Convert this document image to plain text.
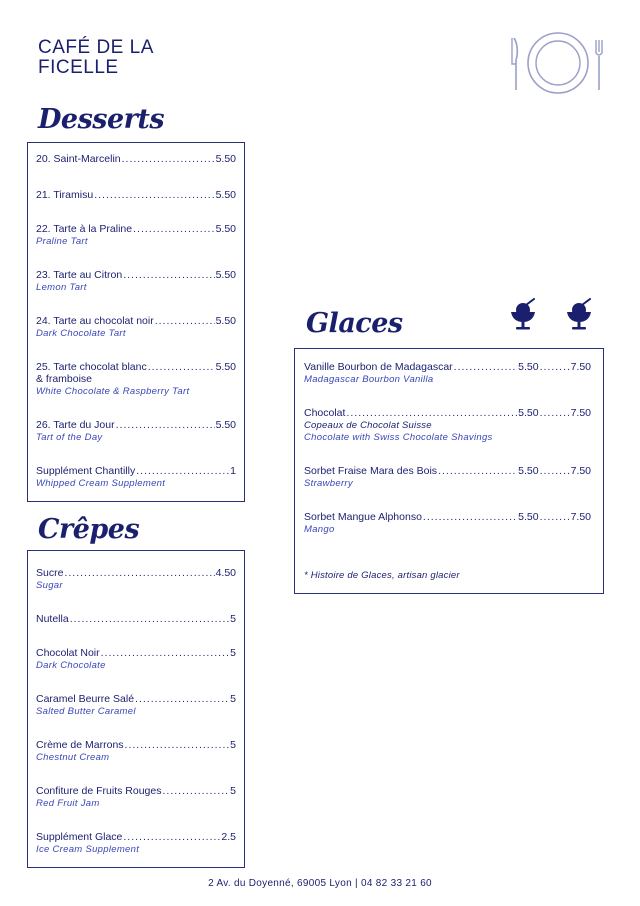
CAFÉ DE LA
FICELLE
Desserts
20. Saint-Marcelin .....	5.50
21. Tiramisu .....	5.50
22. Tarte à la Praline .....	5.50
Praline Tart
23. Tarte au Citron .....	5.50
Lemon Tart
24. Tarte au chocolat noir .....	5.50
Dark Chocolate Tart
25. Tarte chocolat blanc .....	5.50
& framboise
White Chocolate & Raspberry Tart
26. Tarte du Jour .....	5.50
Tart of the Day
Supplément Chantilly .....	1
Whipped Cream Supplement
Crêpes
Sucre .....	4.50
Sugar
Nutella .....	5
Chocolat Noir .....	5
Dark Chocolate
Caramel Beurre Salé .....	5
Salted Butter Caramel
Crème de Marrons .....	5
Chestnut Cream
Confiture de Fruits Rouges .....	5
Red Fruit Jam
Supplément Glace .....	2.5
Ice Cream Supplement
Glaces
Vanille Bourbon de Madagascar .....	5.50 .....	7.50
Madagascar Bourbon Vanilla
Chocolat .....	5.50 .....	7.50
Copeaux de Chocolat Suisse
Chocolate with Swiss Chocolate Shavings
Sorbet Fraise Mara des Bois .....	5.50 .....	7.50
Strawberry
Sorbet Mangue Alphonso .....	5.50 .....	7.50
Mango
* Histoire de Glaces, artisan glacier
2 Av. du Doyenné, 69005 Lyon | 04 82 33 21 60
